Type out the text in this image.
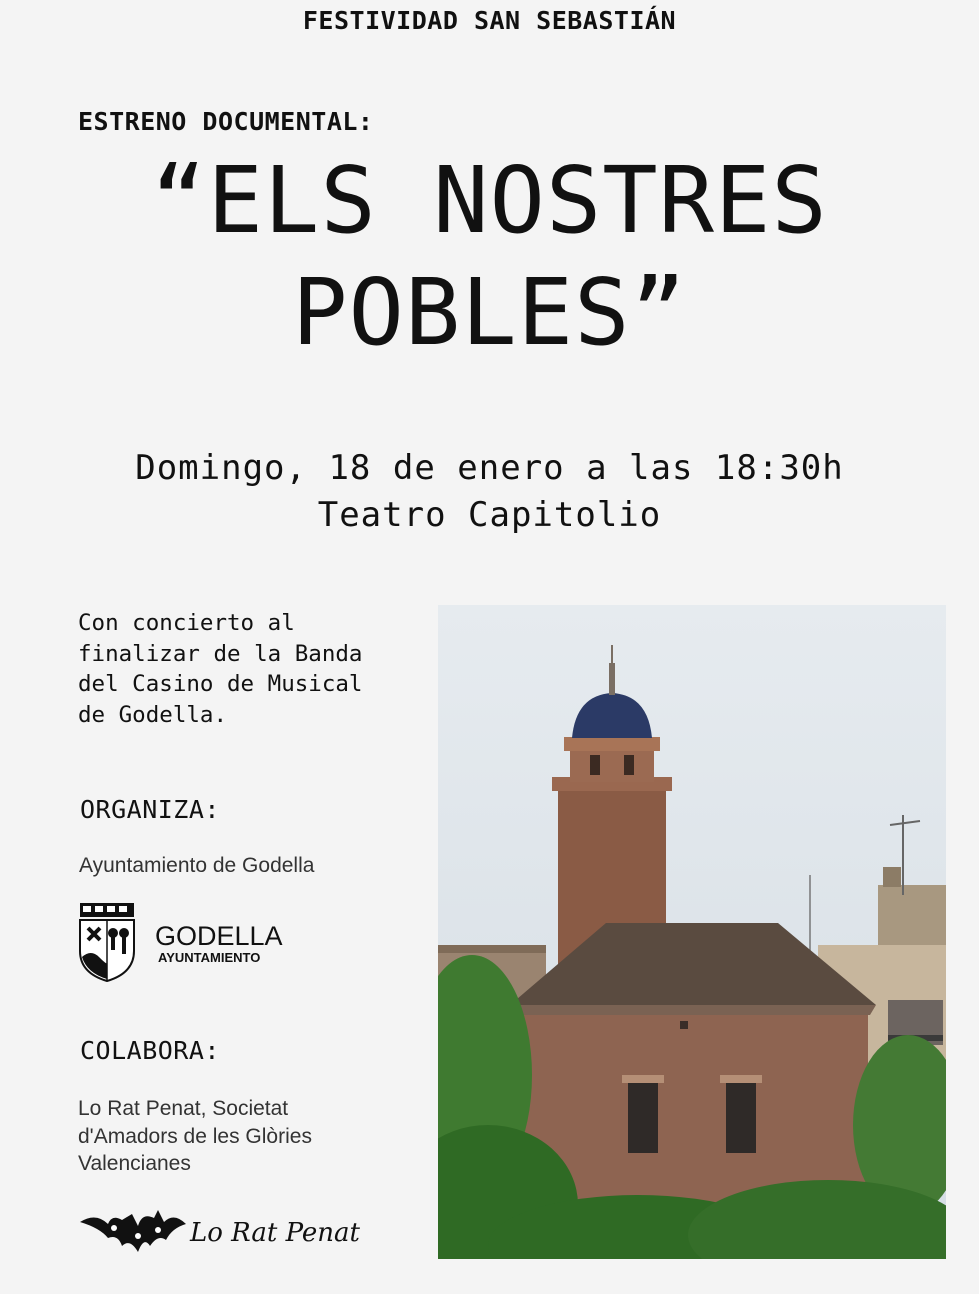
FESTIVIDAD SAN SEBASTIÁN
ESTRENO DOCUMENTAL:
“ELS NOSTRES
POBLES”
Domingo, 18 de enero a las 18:30h
Teatro Capitolio
Con concierto al
finalizar de la Banda
del Casino de Musical
de Godella.
ORGANIZA:
Ayuntamiento de Godella
GODELLA
AYUNTAMIENTO
COLABORA:
Lo Rat Penat, Societat
d'Amadors de les Glòries
Valencianes
Lo Rat Penat
